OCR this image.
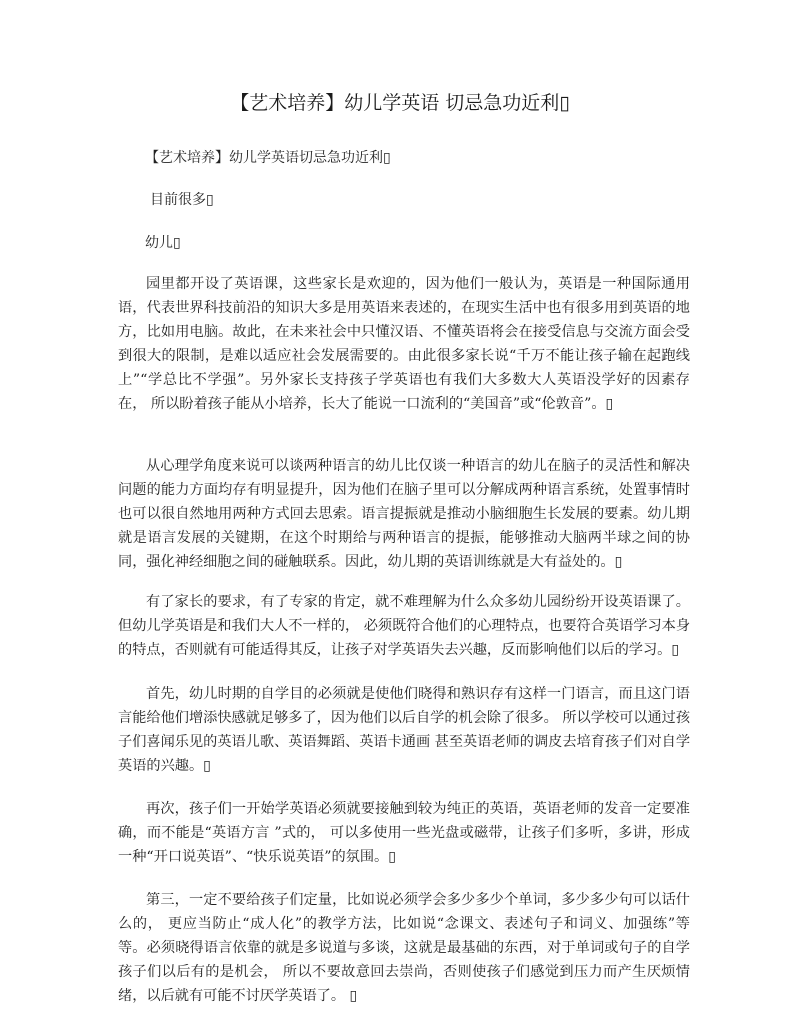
【艺术培养】幼儿学英语 切忌急功近利▯
【艺术培养】幼儿学英语切忌急功近利▯
目前很多▯
幼儿▯

园里都开设了英语课，这些家长是欢迎的，因为他们一般认为，英语是一种国际通用语，代表世界科技前沿的知识大多是用英语来表述的，在现实生活中也有很多用到英语的地方，比如用电脑。故此，在未来社会中只懂汉语、不懂英语将会在接受信息与交流方面会受到很大的限制，是难以适应社会发展需要的。由此很多家长说“千万不能让孩子输在起跑线上”“学总比不学强”。另外家长支持孩子学英语也有我们大多数大人英语没学好的因素存在， 所以盼着孩子能从小培养，长大了能说一口流利的“美国音”或“伦敦音”。▯

从心理学角度来说可以谈两种语言的幼儿比仅谈一种语言的幼儿在脑子的灵活性和解决问题的能力方面均存有明显提升，因为他们在脑子里可以分解成两种语言系统，处置事情时也可以很自然地用两种方式回去思索。语言提振就是推动小脑细胞生长发展的要素。幼儿期就是语言发展的关键期，在这个时期给与两种语言的提振，能够推动大脑两半球之间的协同，强化神经细胞之间的碰触联系。因此，幼儿期的英语训练就是大有益处的。▯

有了家长的要求，有了专家的肯定，就不难理解为什么众多幼儿园纷纷开设英语课了。但幼儿学英语是和我们大人不一样的， 必须既符合他们的心理特点，也要符合英语学习本身的特点，否则就有可能适得其反，让孩子对学英语失去兴趣，反而影响他们以后的学习。▯

首先，幼儿时期的自学目的必须就是使他们晓得和熟识存有这样一门语言，而且这门语言能给他们增添快感就足够多了，因为他们以后自学的机会除了很多。 所以学校可以通过孩子们喜闻乐见的英语儿歌、英语舞蹈、英语卡通画 甚至英语老师的调皮去培育孩子们对自学英语的兴趣。▯

再次，孩子们一开始学英语必须就要接触到较为纯正的英语，英语老师的发音一定要准确，而不能是“英语方言 ”式的， 可以多使用一些光盘或磁带，让孩子们多听，多讲，形成一种“开口说英语”、“快乐说英语”的氛围。▯

第三，一定不要给孩子们定量，比如说必须学会多少多少个单词，多少多少句可以话什么的， 更应当防止“成人化”的教学方法，比如说“念课文、表述句子和词义、加强练”等等。必须晓得语言依靠的就是多说道与多谈，这就是最基础的东西，对于单词或句子的自学孩子们以后有的是机会， 所以不要故意回去崇尚，否则使孩子们感觉到压力而产生厌烦情绪，以后就有可能不讨厌学英语了。 ▯
